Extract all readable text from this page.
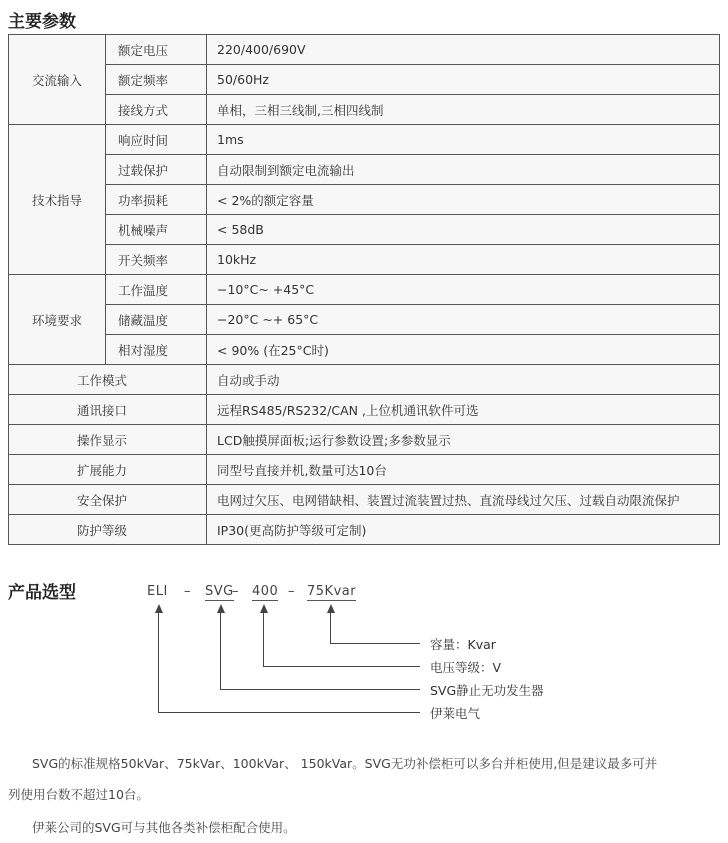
主要参数
交流输入	额定电压	220/400/690V
	额定频率	50/60Hz
	接线方式	单相，三相三线制,三相四线制
技术指导	响应时间	1ms
	过载保护	自动限制到额定电流输出
	功率损耗	< 2%的额定容量
	机械噪声	< 58dB
	开关频率	10kHz
环境要求	工作温度	−10°C~ +45°C
	储藏温度	−20°C ~+ 65°C
	相对湿度	< 90% (在25°C时)
工作模式		自动或手动
通讯接口		远程RS485/RS232/CAN ,上位机通讯软件可选
操作显示		LCD触摸屏面板;运行参数设置;多参数显示
扩展能力		同型号直接并机,数量可达10台
安全保护		电网过欠压、电网错缺相、装置过流装置过热、直流母线过欠压、过载自动限流保护
防护等级		IP30(更高防护等级可定制)
产品选型	ELI – SVG 400 – 75Kvar
–
容量：Kvar
电压等级：V
SVG静止无功发生器
伊莱电气
SVG的标准规格50kVar、75kVar、100kVar、 150kVar。SVG无功补偿柜可以多台并柜使用,但是建议最多可并
列使用台数不超过10台。
伊莱公司的SVG可与其他各类补偿柜配合使用。
